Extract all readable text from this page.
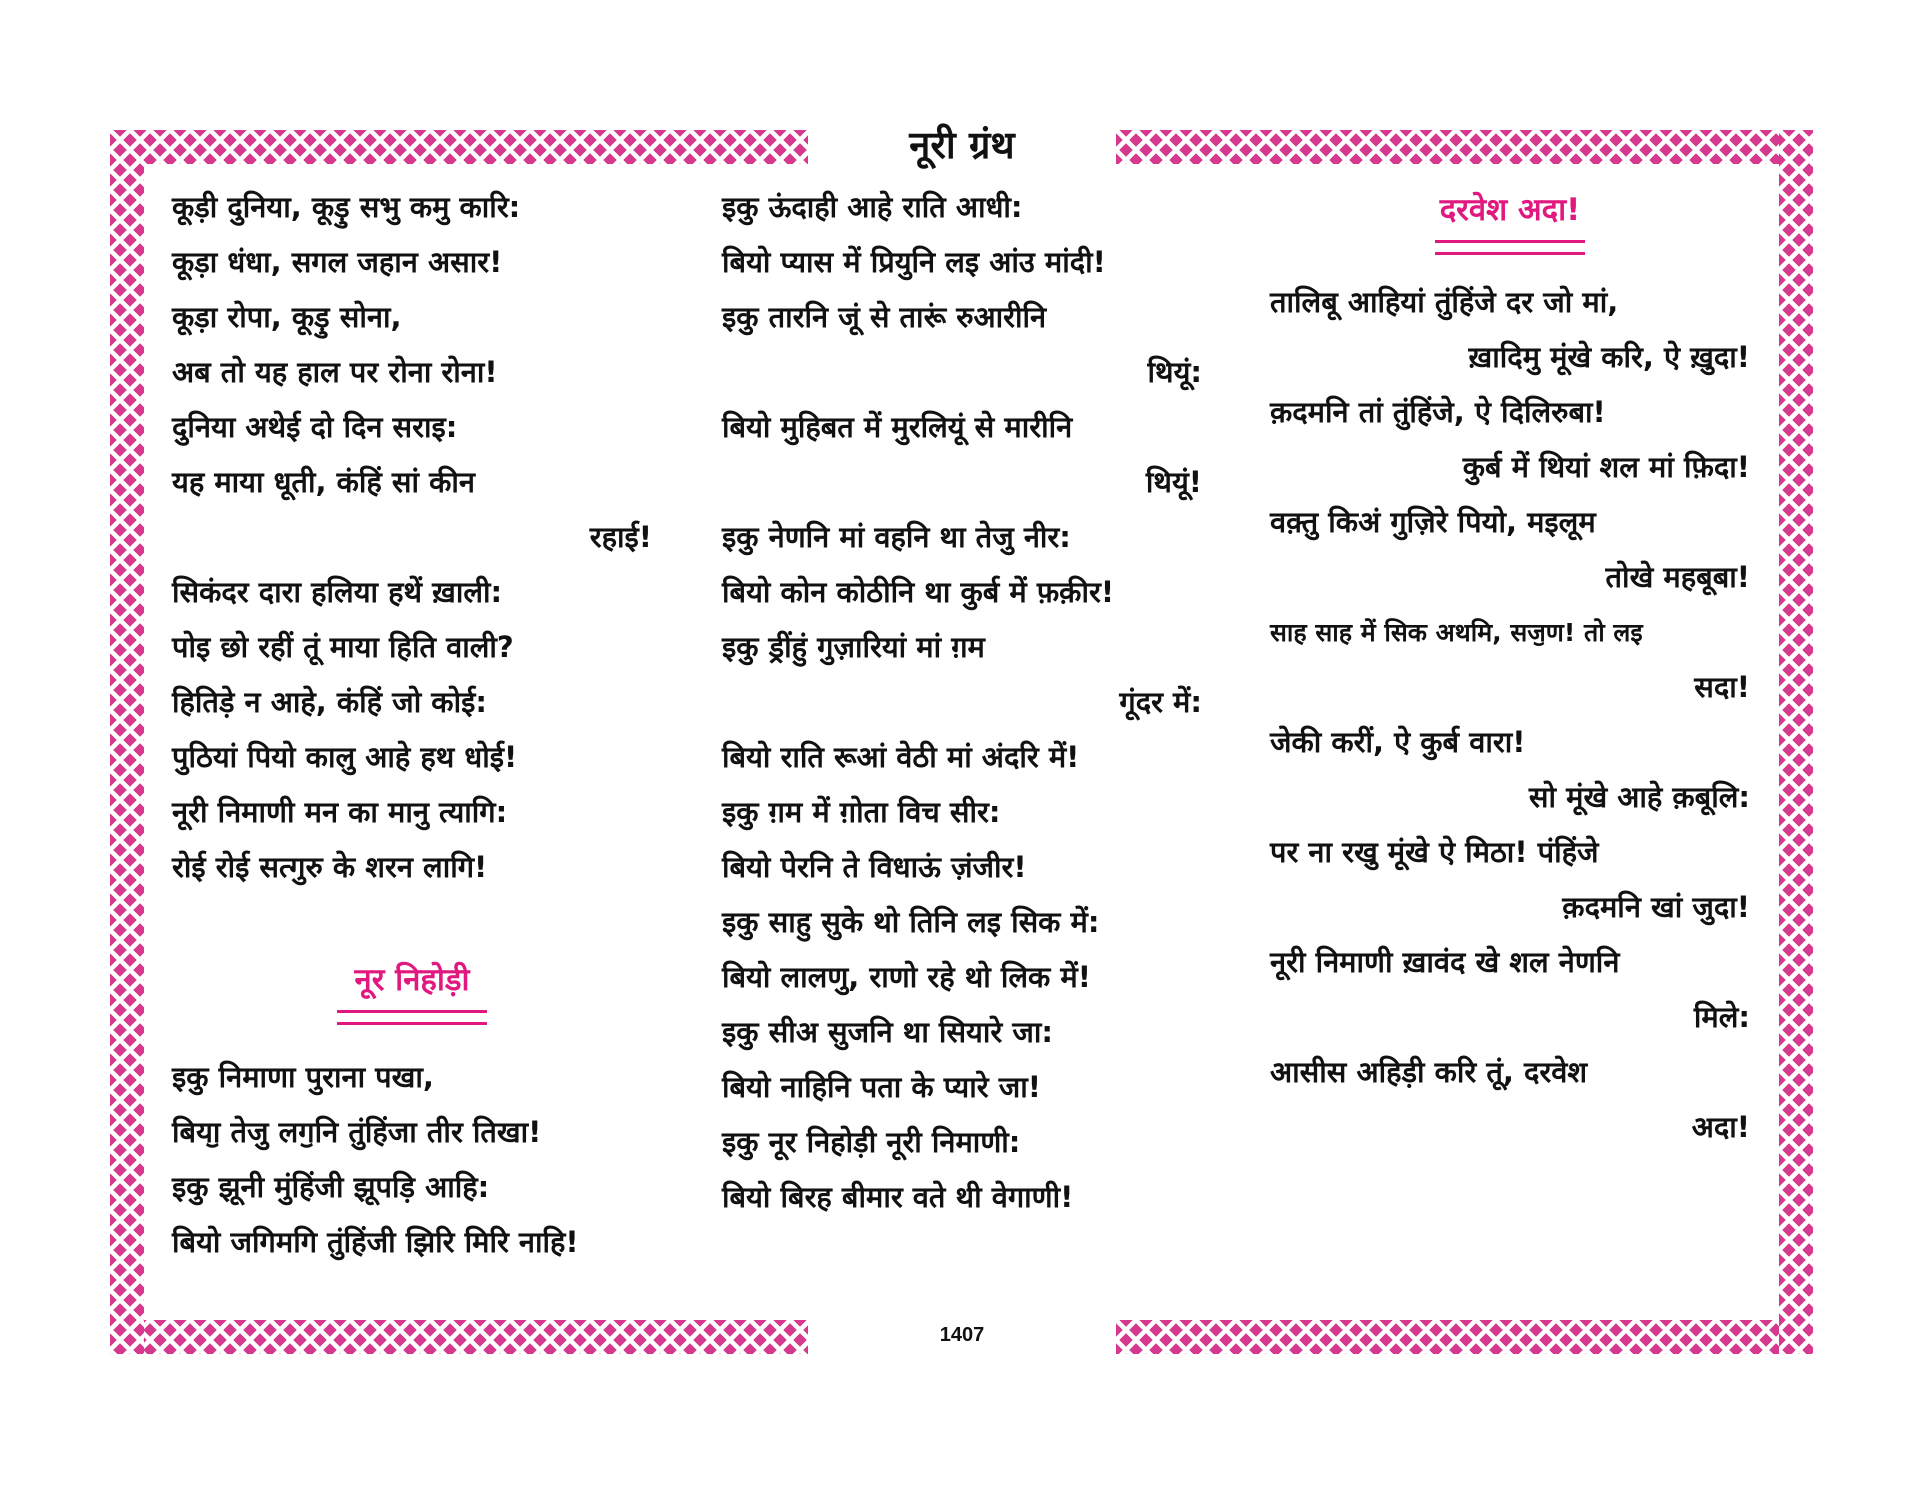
नूरी ग्रंथ
कूड़ी दुनिया, कूड़ु सभु कमु कारि:
कूड़ा धंधा, सगल जहान असार!
कूड़ा रोपा, कूड़ु सोना,
अब तो यह हाल पर रोना रोना!
दुनिया अथेई दो दिन सराइ:
यह माया धूती, कंहिं सां कीन
रहाई!
सिकंदर दारा हलिया हथें ख़ाली:
पोइ छो रहीं तूं माया हिति वाली?
हितिड़े न आहे, कंहिं जो कोई:
पुठियां पियो कालु आहे हथ धोई!
नूरी निमाणी मन का मानु त्यागि:
रोई रोई सत्गुरु के शरन लागि!
नूर निहोड़ी
इकु निमाणा पुराना पखा,
बियाॖ तेजु लगॖनि तुंहिंजा तीर तिखा!
इकु झूनी मुंहिंजी झूपड़ि आहि:
बियो जगिमगि तुंहिंजी झिरि मिरि नाहि!
इकु ऊंदाही आहे राति आधी:
बियो प्यास में प्रियुनि लइ आंउ मांदी!
इकु तारनि जूं से तारूं रुआरीनि
थियूं:
बियो मुहिबत में मुरलियूं से मारीनि
थियूं!
इकु नेणनि मां वहनि था तेजु नीर:
बियो कोन कोठीनि था कुर्ब में फ़क़ीर!
इकु ड्रींहुं गुज़ारियां मां ग़म
गूंदर में:
बियो राति रूआं वेठी मां अंदरि में!
इकु ग़म में ग़ोता विच सीर:
बियो पेरनि ते विधाऊं ज़ंजीर!
इकु साहु सुके थो तिनि लइ सिक में:
बियो लालणु, राणो रहे थो लिक में!
इकु सीअ सुजनि था सियारे जा:
बियो नाहिनि पता के प्यारे जा!
इकु नूर निहोड़ी नूरी निमाणी:
बियो बिरह बीमार वते थी वेगाणी!
दरवेश अदा!
तालिबू आहियां तुंहिंजे दर जो मां,
ख़ादिमु मूंखे करि, ऐ ख़ुदा!
क़दमनि तां तुंहिंजे, ऐ दिलिरुबा!
कुर्ब में थियां शल मां फ़िदा!
वक़्तु किअं गुज़िरे पियो, मइलूम
तोखे महबूबा!
साह साह में सिक अथमि, सजॖण! तो लइ
सदा!
जेकी करीं, ऐ कुर्ब वारा!
सो मूंखे आहे क़बूलि:
पर ना रखु मूंखे ऐ मिठा! पंहिंजे
क़दमनि खां जुदा!
नूरी निमाणी ख़ावंद खे शल नेणनि
मिले:
आसीस अहिड़ी करि तूं, दरवेश
अदा!
1407
